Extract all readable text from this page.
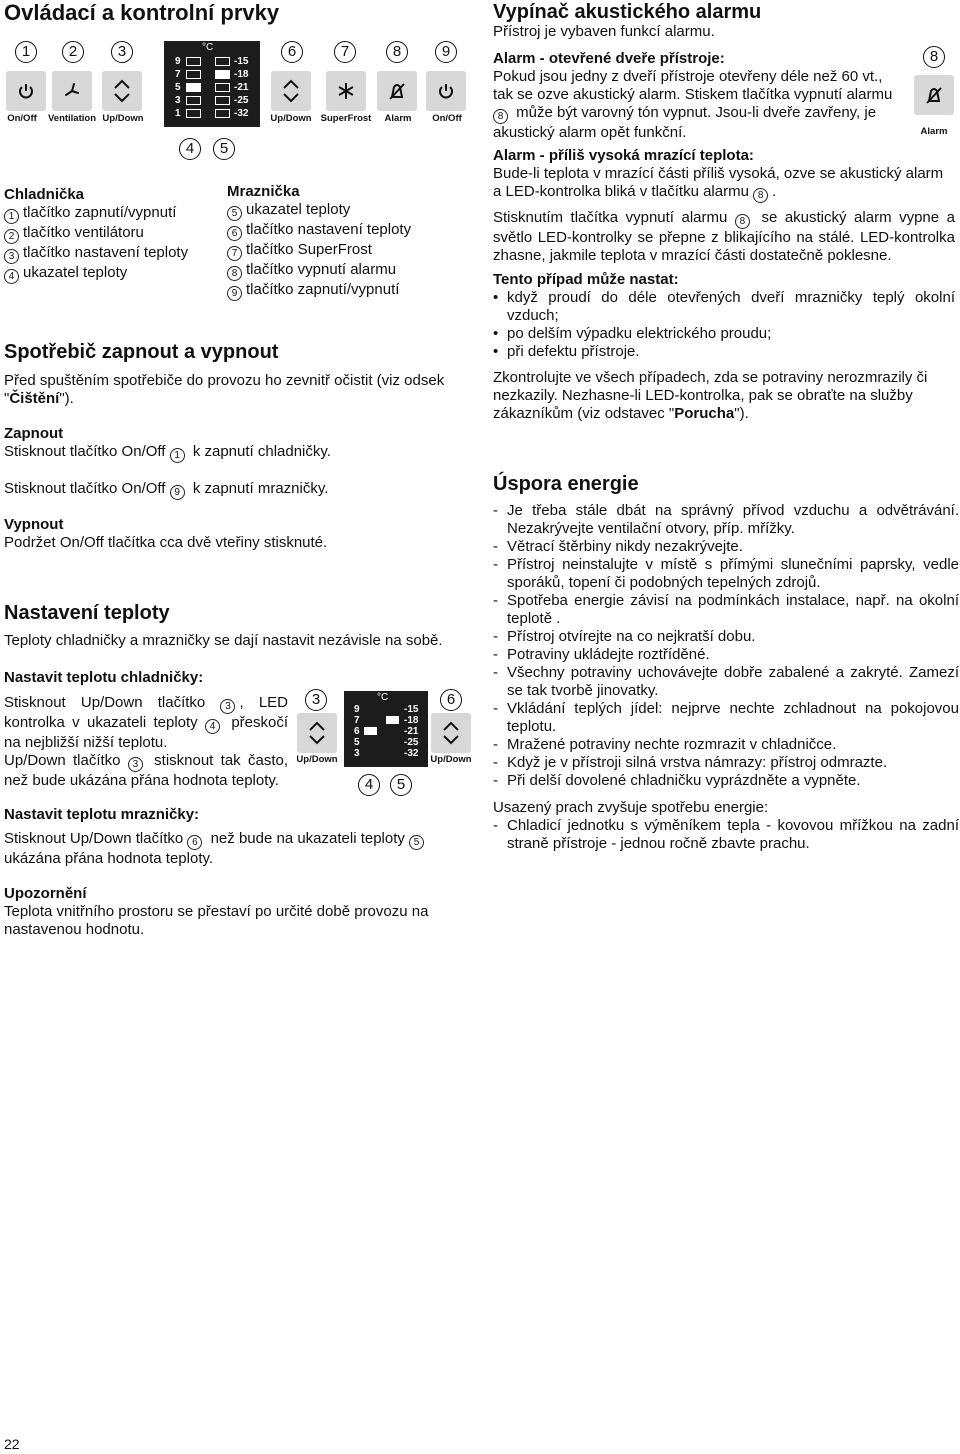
Ovládací a kontrolní prvky
1	2	3	6	7	8	9
On/Off	Ventilation Up/Down	Up/Down SuperFrost	Alarm	On/Off
°C
9
7
5
3
1
-15
-18
-21
-25
-32
4	5
Chladnička
1 tlačítko zapnutí/vypnutí
2 tlačítko ventilátoru
3 tlačítko nastavení teploty
4 ukazatel teploty
Mraznička
5 ukazatel teploty
6 tlačítko nastavení teploty
7 tlačítko SuperFrost
8 tlačítko vypnutí alarmu
9 tlačítko zapnutí/vypnutí
Spotřebič zapnout a vypnout
Před spuštěním spotřebiče do provozu ho zevnitř očistit (viz odsek "Čištění").
Zapnout
Stisknout tlačítko On/Off 1 k zapnutí chladničky.
Stisknout tlačítko On/Off 9 k zapnutí mrazničky.
Vypnout
Podržet On/Off tlačítka cca dvě vteřiny stisknuté.
Nastavení teploty
Teploty chladničky a mrazničky se dají nastavit nezávisle na sobě.
Nastavit teplotu chladničky:
Stisknout Up/Down tlačítko 3 , LED kontrolka v ukazateli teploty 4 přeskočí na nejbližší nižší teplotu.
Up/Down tlačítko 3 stisknout tak často, než bude ukázána přána hodnota teploty.
3	6
Up/Down	Up/Down
°C
9
7
6
5
3
-15
-18
-21
-25
-32
4	5
Nastavit teplotu mrazničky:
Stisknout Up/Down tlačítko 6 než bude na ukazateli teploty 5
ukázána přána hodnota teploty.
Upozornění
Teplota vnitřního prostoru se přestaví po určité době provozu na nastavenou hodnotu.
Vypínač akustického alarmu
Přístroj je vybaven funkcí alarmu.
Alarm - otevřené dveře přístroje:
Pokud jsou jedny z dveří přístroje otevřeny déle než 60 vt., tak se ozve akustický alarm. Stiskem tlačítka vypnutí alarmu 8 může být varovný tón vypnut. Jsou-li dveře zavřeny, je akustický alarm opět funkční.
8
Alarm
Alarm - příliš vysoká mrazící teplota:
Bude-li teplota v mrazící části příliš vysoká, ozve se akustický alarm a LED-kontrolka bliká v tlačítku alarmu 8 .
Stisknutím tlačítka vypnutí alarmu 8 se akustický alarm vypne a světlo LED-kontrolky se přepne z blikajícího na stálé. LED-kontrolka zhasne, jakmile teplota v mrazící části dostatečně poklesne.
Tento případ může nastat:
• když proudí do déle otevřených dveří mrazničky teplý okolní vzduch;
• po delším výpadku elektrického proudu;
• při defektu přístroje.
Zkontrolujte ve všech případech, zda se potraviny nerozmrazily či nezkazily. Nezhasne-li LED-kontrolka, pak se obraťte na služby zákazníkům (viz odstavec "Porucha").
Úspora energie
- Je třeba stále dbát na správný přívod vzduchu a odvětrávání. Nezakrývejte ventilační otvory, příp. mřížky.
- Větrací štěrbiny nikdy nezakrývejte.
- Přístroj neinstalujte v místě s přímými slunečními paprsky, vedle sporáků, topení či podobných tepelných zdrojů.
- Spotřeba energie závisí na podmínkách instalace, např. na okolní teplotě .
- Přístroj otvírejte na co nejkratší dobu.
- Potraviny ukládejte roztříděné.
- Všechny potraviny uchovávejte dobře zabalené a zakryté. Zamezí se tak tvorbě jinovatky.
- Vkládání teplých jídel: nejprve nechte zchladnout na pokojovou teplotu.
- Mražené potraviny nechte rozmrazit v chladničce.
- Když je v přístroji silná vrstva námrazy: přístroj odmrazte.
- Při delší dovolené chladničku vyprázdněte a vypněte.
Usazený prach zvyšuje spotřebu energie:
- Chladicí jednotku s výměníkem tepla - kovovou mřížkou na zadní straně přístroje - jednou ročně zbavte prachu.
22
